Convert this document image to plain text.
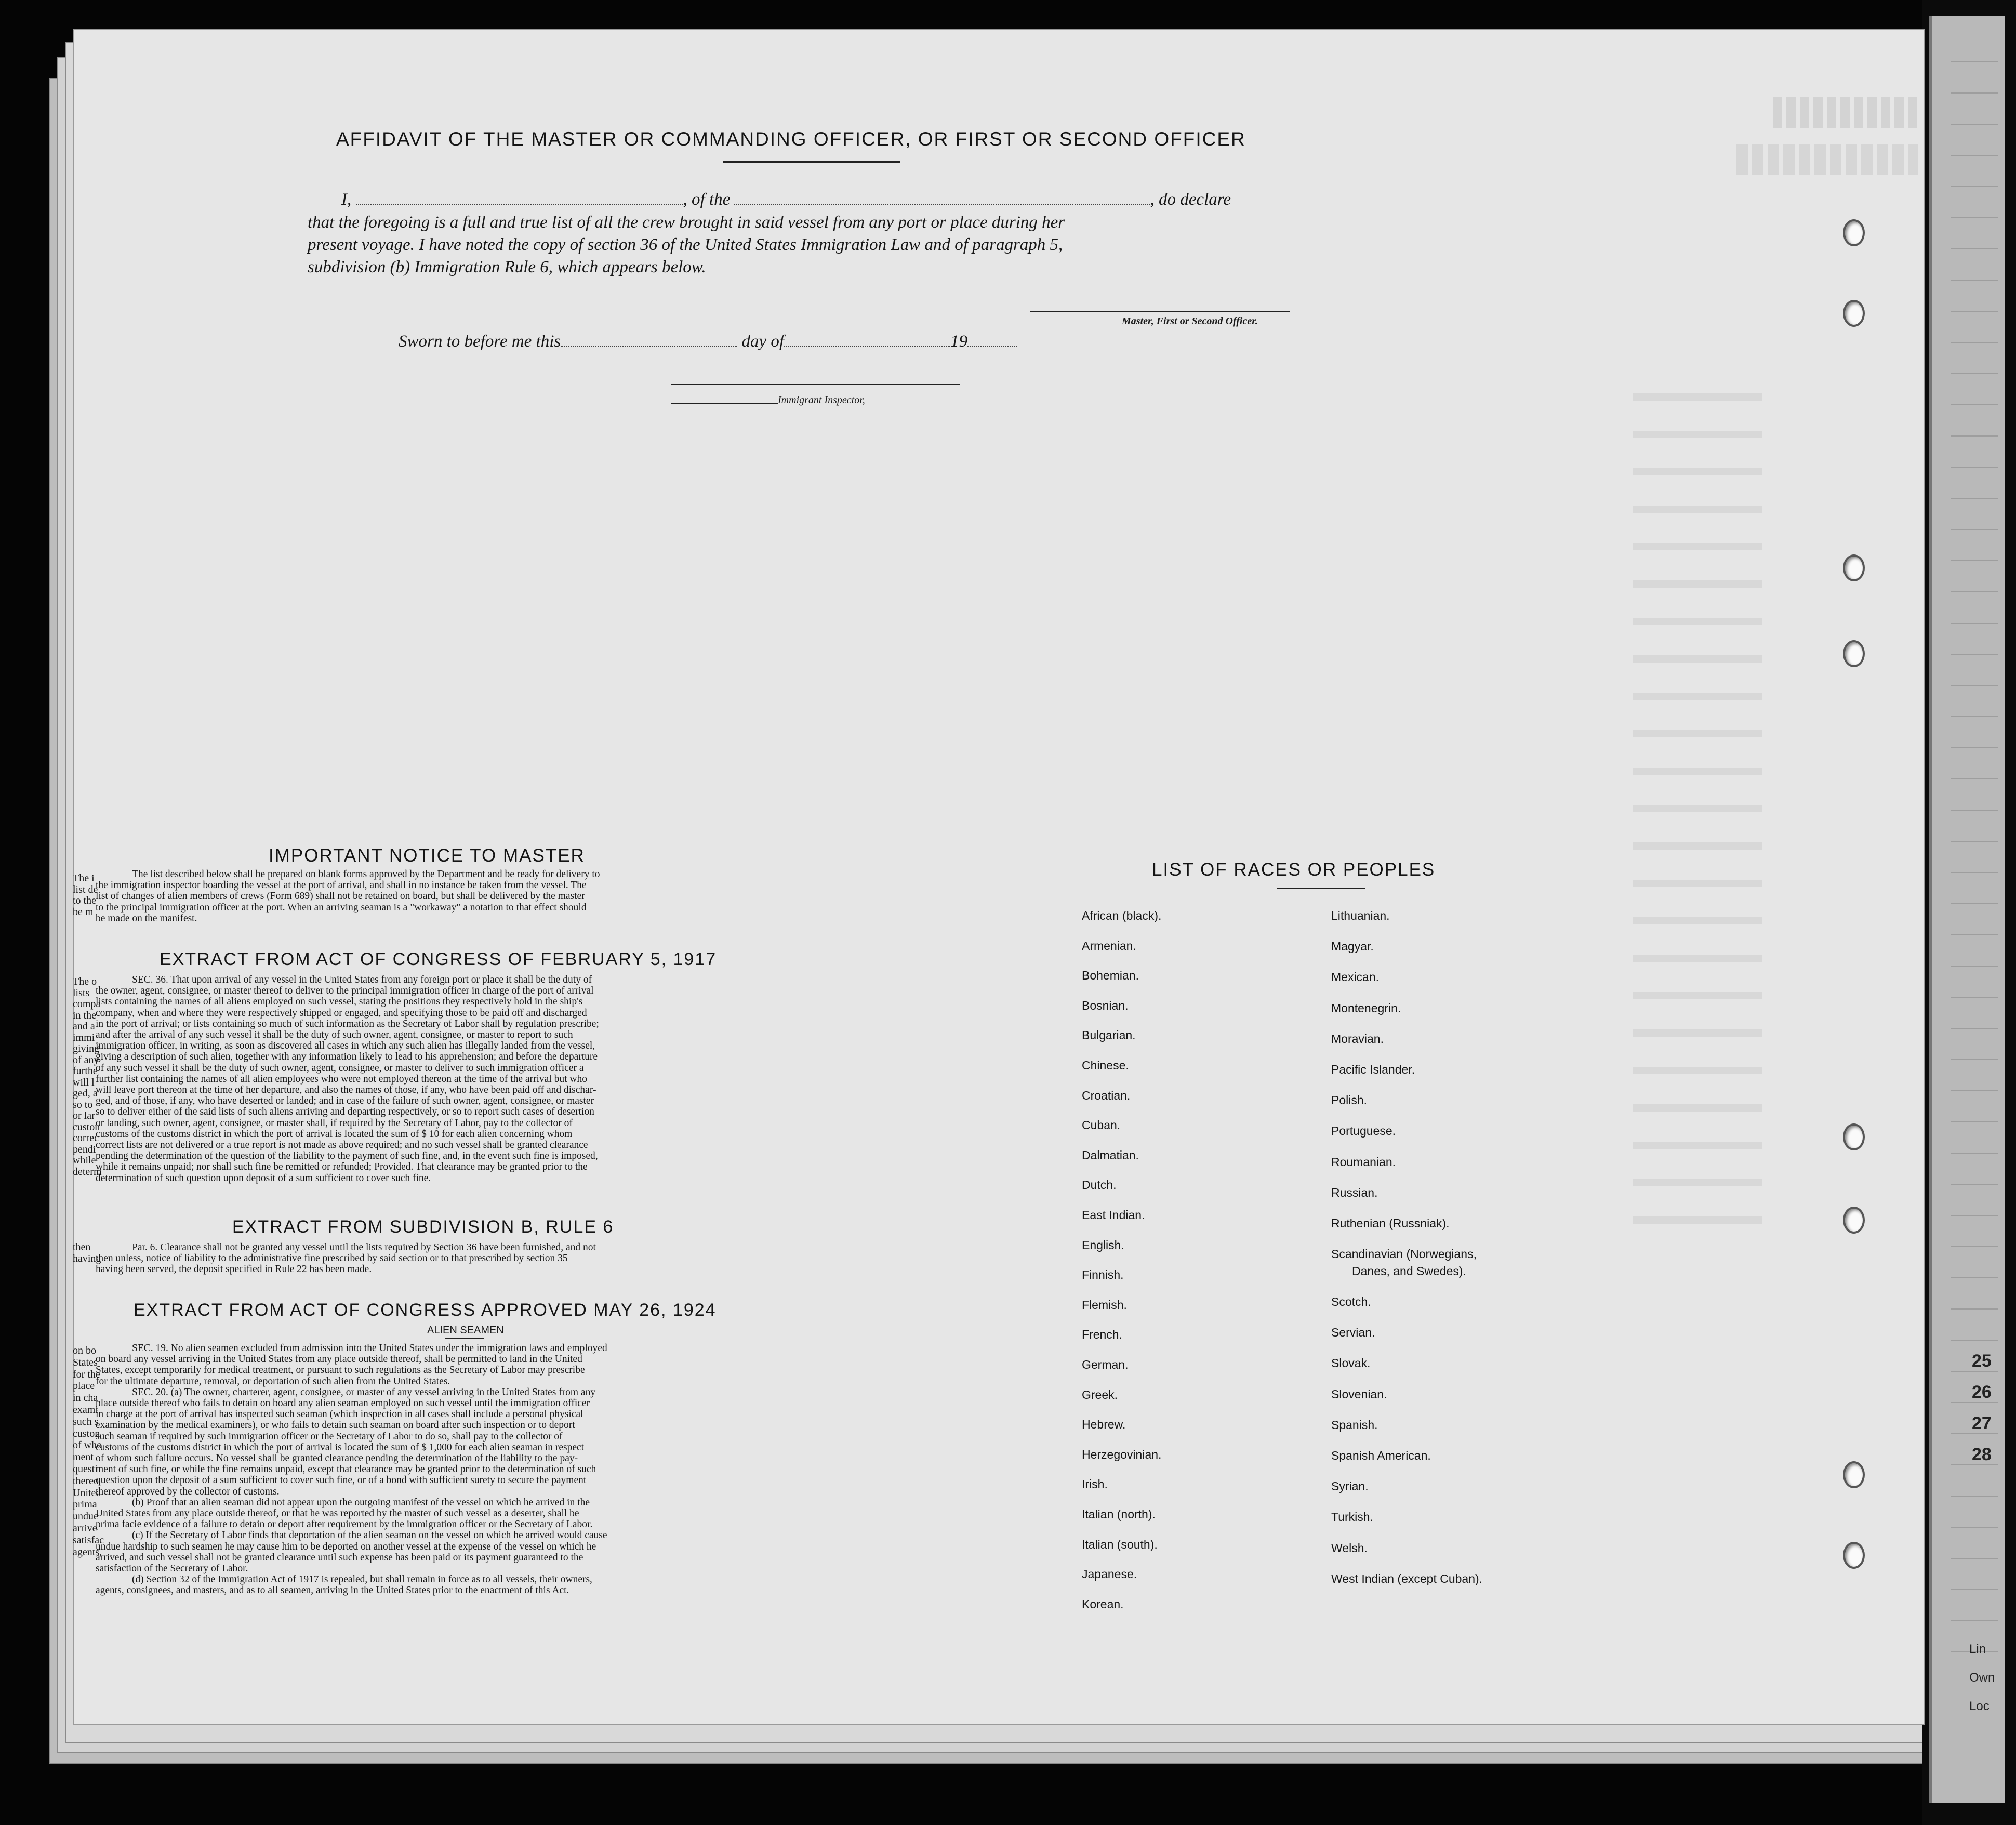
25
26
27
28
Lin
Own
Loc
AFFIDAVIT OF THE MASTER OR COMMANDING OFFICER, OR FIRST OR SECOND OFFICER
I,	, of the	, do declare
that the foregoing is a full and true list of all the crew brought in said vessel from any port or place during her
present voyage. I have noted the copy of section 36 of the United States Immigration Law and of paragraph 5,
subdivision (b) Immigration Rule 6, which appears below.
Master, First or Second Officer.
Sworn to before me this	day of	19
Immigrant Inspector,
The i
list de
to the
be m
The o
lists
compa
in the
and a
immi
giving
of any
furthe
will l
ged, a
so to
or lar
custon
correc
pendi
while
determ
then
having
on bo
States
for the
place
in cha
exami
such s
custon
of who
ment
questi
thereo
United
prima
undue
arrive
satisfac
agents,
IMPORTANT NOTICE TO MASTER
The list described below shall be prepared on blank forms approved by the Department and be ready for delivery to
the immigration inspector boarding the vessel at the port of arrival, and shall in no instance be taken from the vessel. The
list of changes of alien members of crews (Form 689) shall not be retained on board, but shall be delivered by the master
to the principal immigration officer at the port. When an arriving seaman is a "workaway" a notation to that effect should
be made on the manifest.
EXTRACT FROM ACT OF CONGRESS OF FEBRUARY 5, 1917
SEC. 36. That upon arrival of any vessel in the United States from any foreign port or place it shall be the duty of
the owner, agent, consignee, or master thereof to deliver to the principal immigration officer in charge of the port of arrival
lists containing the names of all aliens employed on such vessel, stating the positions they respectively hold in the ship's
company, when and where they were respectively shipped or engaged, and specifying those to be paid off and discharged
in the port of arrival; or lists containing so much of such information as the Secretary of Labor shall by regulation prescribe;
and after the arrival of any such vessel it shall be the duty of such owner, agent, consignee, or master to report to such
immigration officer, in writing, as soon as discovered all cases in which any such alien has illegally landed from the vessel,
giving a description of such alien, together with any information likely to lead to his apprehension; and before the departure
of any such vessel it shall be the duty of such owner, agent, consignee, or master to deliver to such immigration officer a
further list containing the names of all alien employees who were not employed thereon at the time of the arrival but who
will leave port thereon at the time of her departure, and also the names of those, if any, who have been paid off and dischar-
ged, and of those, if any, who have deserted or landed; and in case of the failure of such owner, agent, consignee, or master
so to deliver either of the said lists of such aliens arriving and departing respectively, or so to report such cases of desertion
or landing, such owner, agent, consignee, or master shall, if required by the Secretary of Labor, pay to the collector of
customs of the customs district in which the port of arrival is located the sum of $ 10 for each alien concerning whom
correct lists are not delivered or a true report is not made as above required; and no such vessel shall be granted clearance
pending the determination of the question of the liability to the payment of such fine, and, in the event such fine is imposed,
while it remains unpaid; nor shall such fine be remitted or refunded; Provided. That clearance may be granted prior to the
determination of such question upon deposit of a sum sufficient to cover such fine.
EXTRACT FROM SUBDIVISION B, RULE 6
Par. 6. Clearance shall not be granted any vessel until the lists required by Section 36 have been furnished, and not
then unless, notice of liability to the administrative fine prescribed by said section or to that prescribed by section 35
having been served, the deposit specified in Rule 22 has been made.
EXTRACT FROM ACT OF CONGRESS APPROVED MAY 26, 1924
ALIEN SEAMEN
SEC. 19. No alien seamen excluded from admission into the United States under the immigration laws and employed
on board any vessel arriving in the United States from any place outside thereof, shall be permitted to land in the United
States, except temporarily for medical treatment, or pursuant to such regulations as the Secretary of Labor may prescribe
for the ultimate departure, removal, or deportation of such alien from the United States.
SEC. 20. (a) The owner, charterer, agent, consignee, or master of any vessel arriving in the United States from any
place outside thereof who fails to detain on board any alien seaman employed on such vessel until the immigration officer
in charge at the port of arrival has inspected such seaman (which inspection in all cases shall include a personal physical
examination by the medical examiners), or who fails to detain such seaman on board after such inspection or to deport
such seaman if required by such immigration officer or the Secretary of Labor to do so, shall pay to the collector of
customs of the customs district in which the port of arrival is located the sum of $ 1,000 for each alien seaman in respect
of whom such failure occurs. No vessel shall be granted clearance pending the determination of the liability to the pay-
ment of such fine, or while the fine remains unpaid, except that clearance may be granted prior to the determination of such
question upon the deposit of a sum sufficient to cover such fine, or of a bond with sufficient surety to secure the payment
thereof approved by the collector of customs.
(b) Proof that an alien seaman did not appear upon the outgoing manifest of the vessel on which he arrived in the
United States from any place outside thereof, or that he was reported by the master of such vessel as a deserter, shall be
prima facie evidence of a failure to detain or deport after requirement by the immigration officer or the Secretary of Labor.
(c) If the Secretary of Labor finds that deportation of the alien seaman on the vessel on which he arrived would cause
undue hardship to such seamen he may cause him to be deported on another vessel at the expense of the vessel on which he
arrived, and such vessel shall not be granted clearance until such expense has been paid or its payment guaranteed to the
satisfaction of the Secretary of Labor.
(d) Section 32 of the Immigration Act of 1917 is repealed, but shall remain in force as to all vessels, their owners,
agents, consignees, and masters, and as to all seamen, arriving in the United States prior to the enactment of this Act.
LIST OF RACES OR PEOPLES
African (black).
Armenian.
Bohemian.
Bosnian.
Bulgarian.
Chinese.
Croatian.
Cuban.
Dalmatian.
Dutch.
East Indian.
English.
Finnish.
Flemish.
French.
German.
Greek.
Hebrew.
Herzegovinian.
Irish.
Italian (north).
Italian (south).
Japanese.
Korean.
Lithuanian.
Magyar.
Mexican.
Montenegrin.
Moravian.
Pacific Islander.
Polish.
Portuguese.
Roumanian.
Russian.
Ruthenian (Russniak).
Scandinavian (Norwegians,
Danes, and Swedes).
Scotch.
Servian.
Slovak.
Slovenian.
Spanish.
Spanish American.
Syrian.
Turkish.
Welsh.
West Indian (except Cuban).
